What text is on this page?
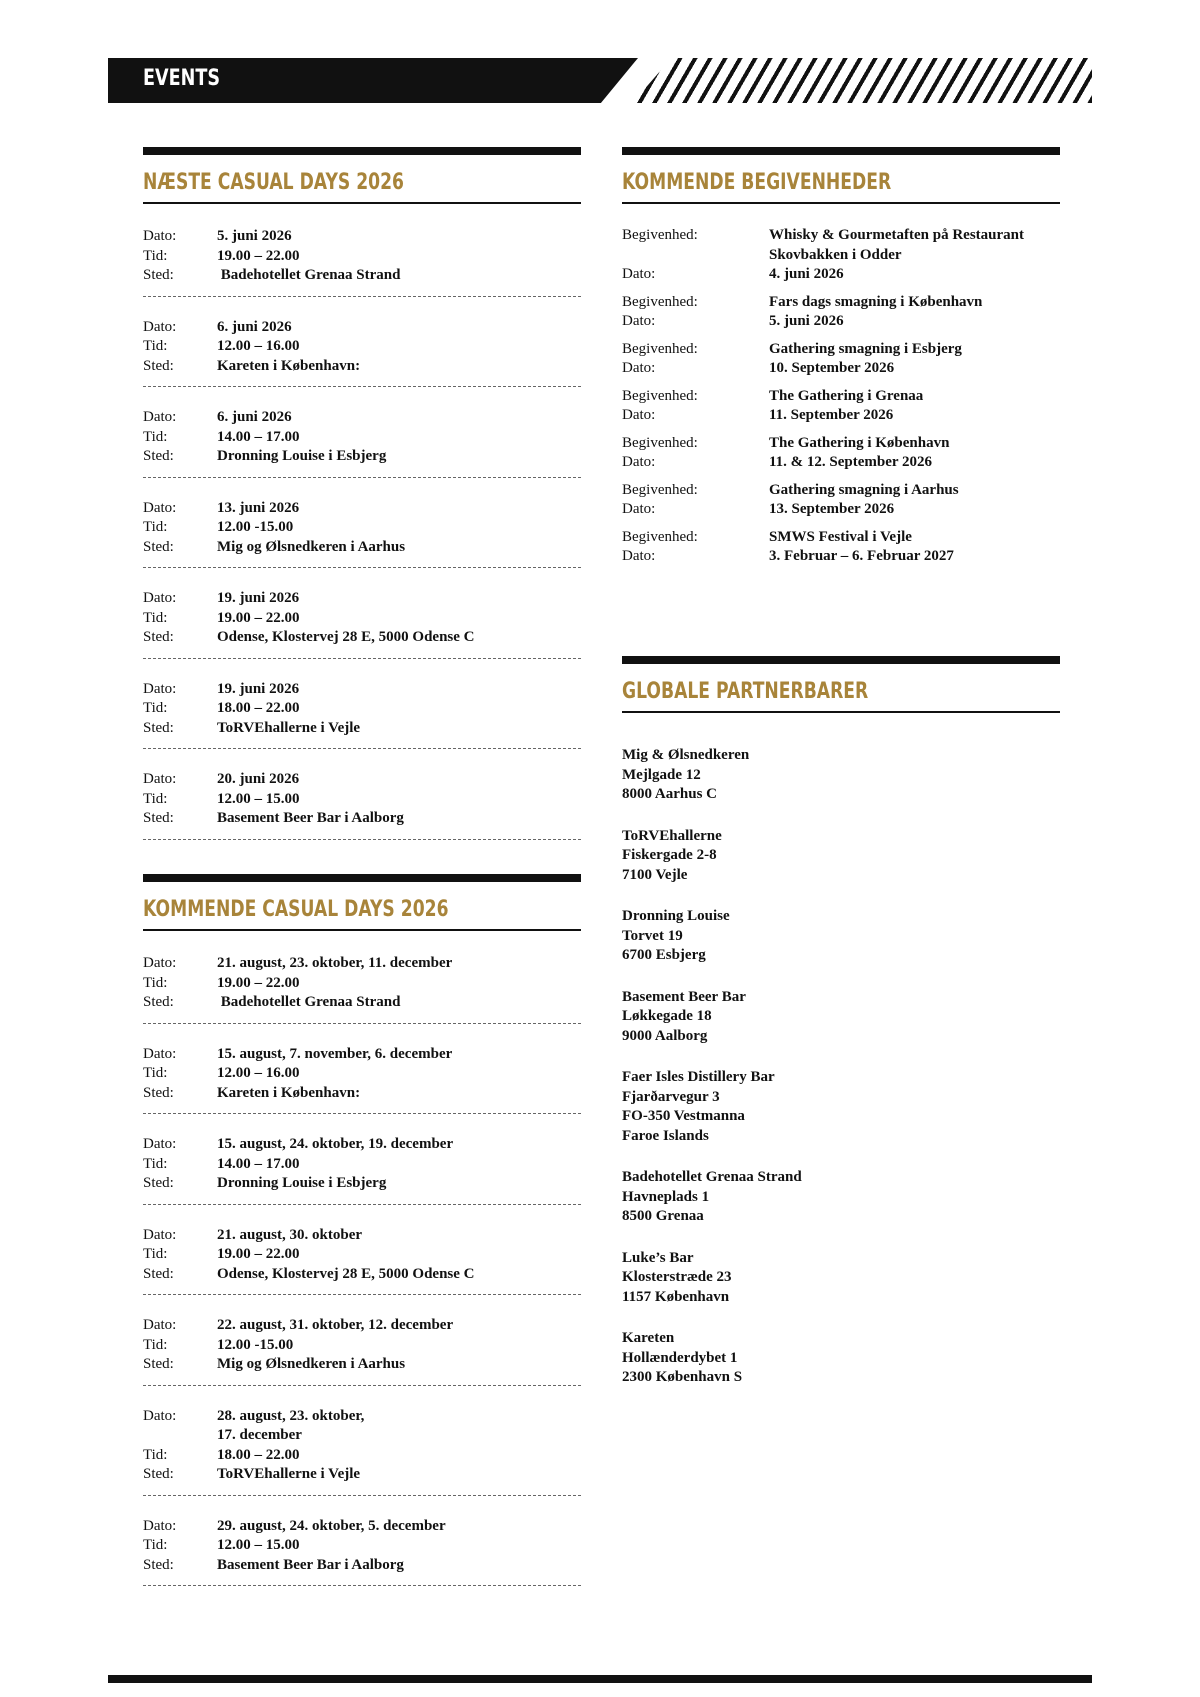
EVENTS
NÆSTE CASUAL DAYS 2026
Dato:	5. juni 2026
Tid:	19.00 – 22.00
Sted:	Badehotellet Grenaa Strand
Dato:	6. juni 2026
Tid:	12.00 – 16.00
Sted:	Kareten i København:
Dato:	6. juni 2026
Tid:	14.00 – 17.00
Sted:	Dronning Louise i Esbjerg
Dato:	13. juni 2026
Tid:	12.00 -15.00
Sted:	Mig og Ølsnedkeren i Aarhus
Dato:	19. juni 2026
Tid:	19.00 – 22.00
Sted:	Odense, Klostervej 28 E, 5000 Odense C
Dato:	19. juni 2026
Tid:	18.00 – 22.00
Sted:	ToRVEhallerne i Vejle
Dato:	20. juni 2026
Tid:	12.00 – 15.00
Sted:	Basement Beer Bar i Aalborg
KOMMENDE CASUAL DAYS 2026
Dato:	21. august, 23. oktober, 11. december
Tid:	19.00 – 22.00
Sted:	Badehotellet Grenaa Strand
Dato:	15. august, 7. november, 6. december
Tid:	12.00 – 16.00
Sted:	Kareten i København:
Dato:	15. august, 24. oktober, 19. december
Tid:	14.00 – 17.00
Sted:	Dronning Louise i Esbjerg
Dato:	21. august, 30. oktober
Tid:	19.00 – 22.00
Sted:	Odense, Klostervej 28 E, 5000 Odense C
Dato:	22. august, 31. oktober, 12. december
Tid:	12.00 -15.00
Sted:	Mig og Ølsnedkeren i Aarhus
Dato:	28. august, 23. oktober,
17. december
Tid:	18.00 – 22.00
Sted:	ToRVEhallerne i Vejle
Dato:	29. august, 24. oktober, 5. december
Tid:	12.00 – 15.00
Sted:	Basement Beer Bar i Aalborg
KOMMENDE BEGIVENHEDER
Begivenhed:	Whisky & Gourmetaften på Restaurant
Skovbakken i Odder
Dato:	4. juni 2026
Begivenhed:	Fars dags smagning i København
Dato:	5. juni 2026
Begivenhed:	Gathering smagning i Esbjerg
Dato:	10. September 2026
Begivenhed:	The Gathering i Grenaa
Dato:	11. September 2026
Begivenhed:	The Gathering i København
Dato:	11. & 12. September 2026
Begivenhed:	Gathering smagning i Aarhus
Dato:	13. September 2026
Begivenhed:	SMWS Festival i Vejle
Dato:	3. Februar – 6. Februar 2027
GLOBALE PARTNERBARER
Mig & Ølsnedkeren
Mejlgade 12
8000 Aarhus C
ToRVEhallerne
Fiskergade 2-8
7100 Vejle
Dronning Louise
Torvet 19
6700 Esbjerg
Basement Beer Bar
Løkkegade 18
9000 Aalborg
Faer Isles Distillery Bar
Fjarðarvegur 3
FO-350 Vestmanna
Faroe Islands
Badehotellet Grenaa Strand
Havneplads 1
8500 Grenaa
Luke’s Bar
Klosterstræde 23
1157 København
Kareten
Hollænderdybet 1
2300 København S
